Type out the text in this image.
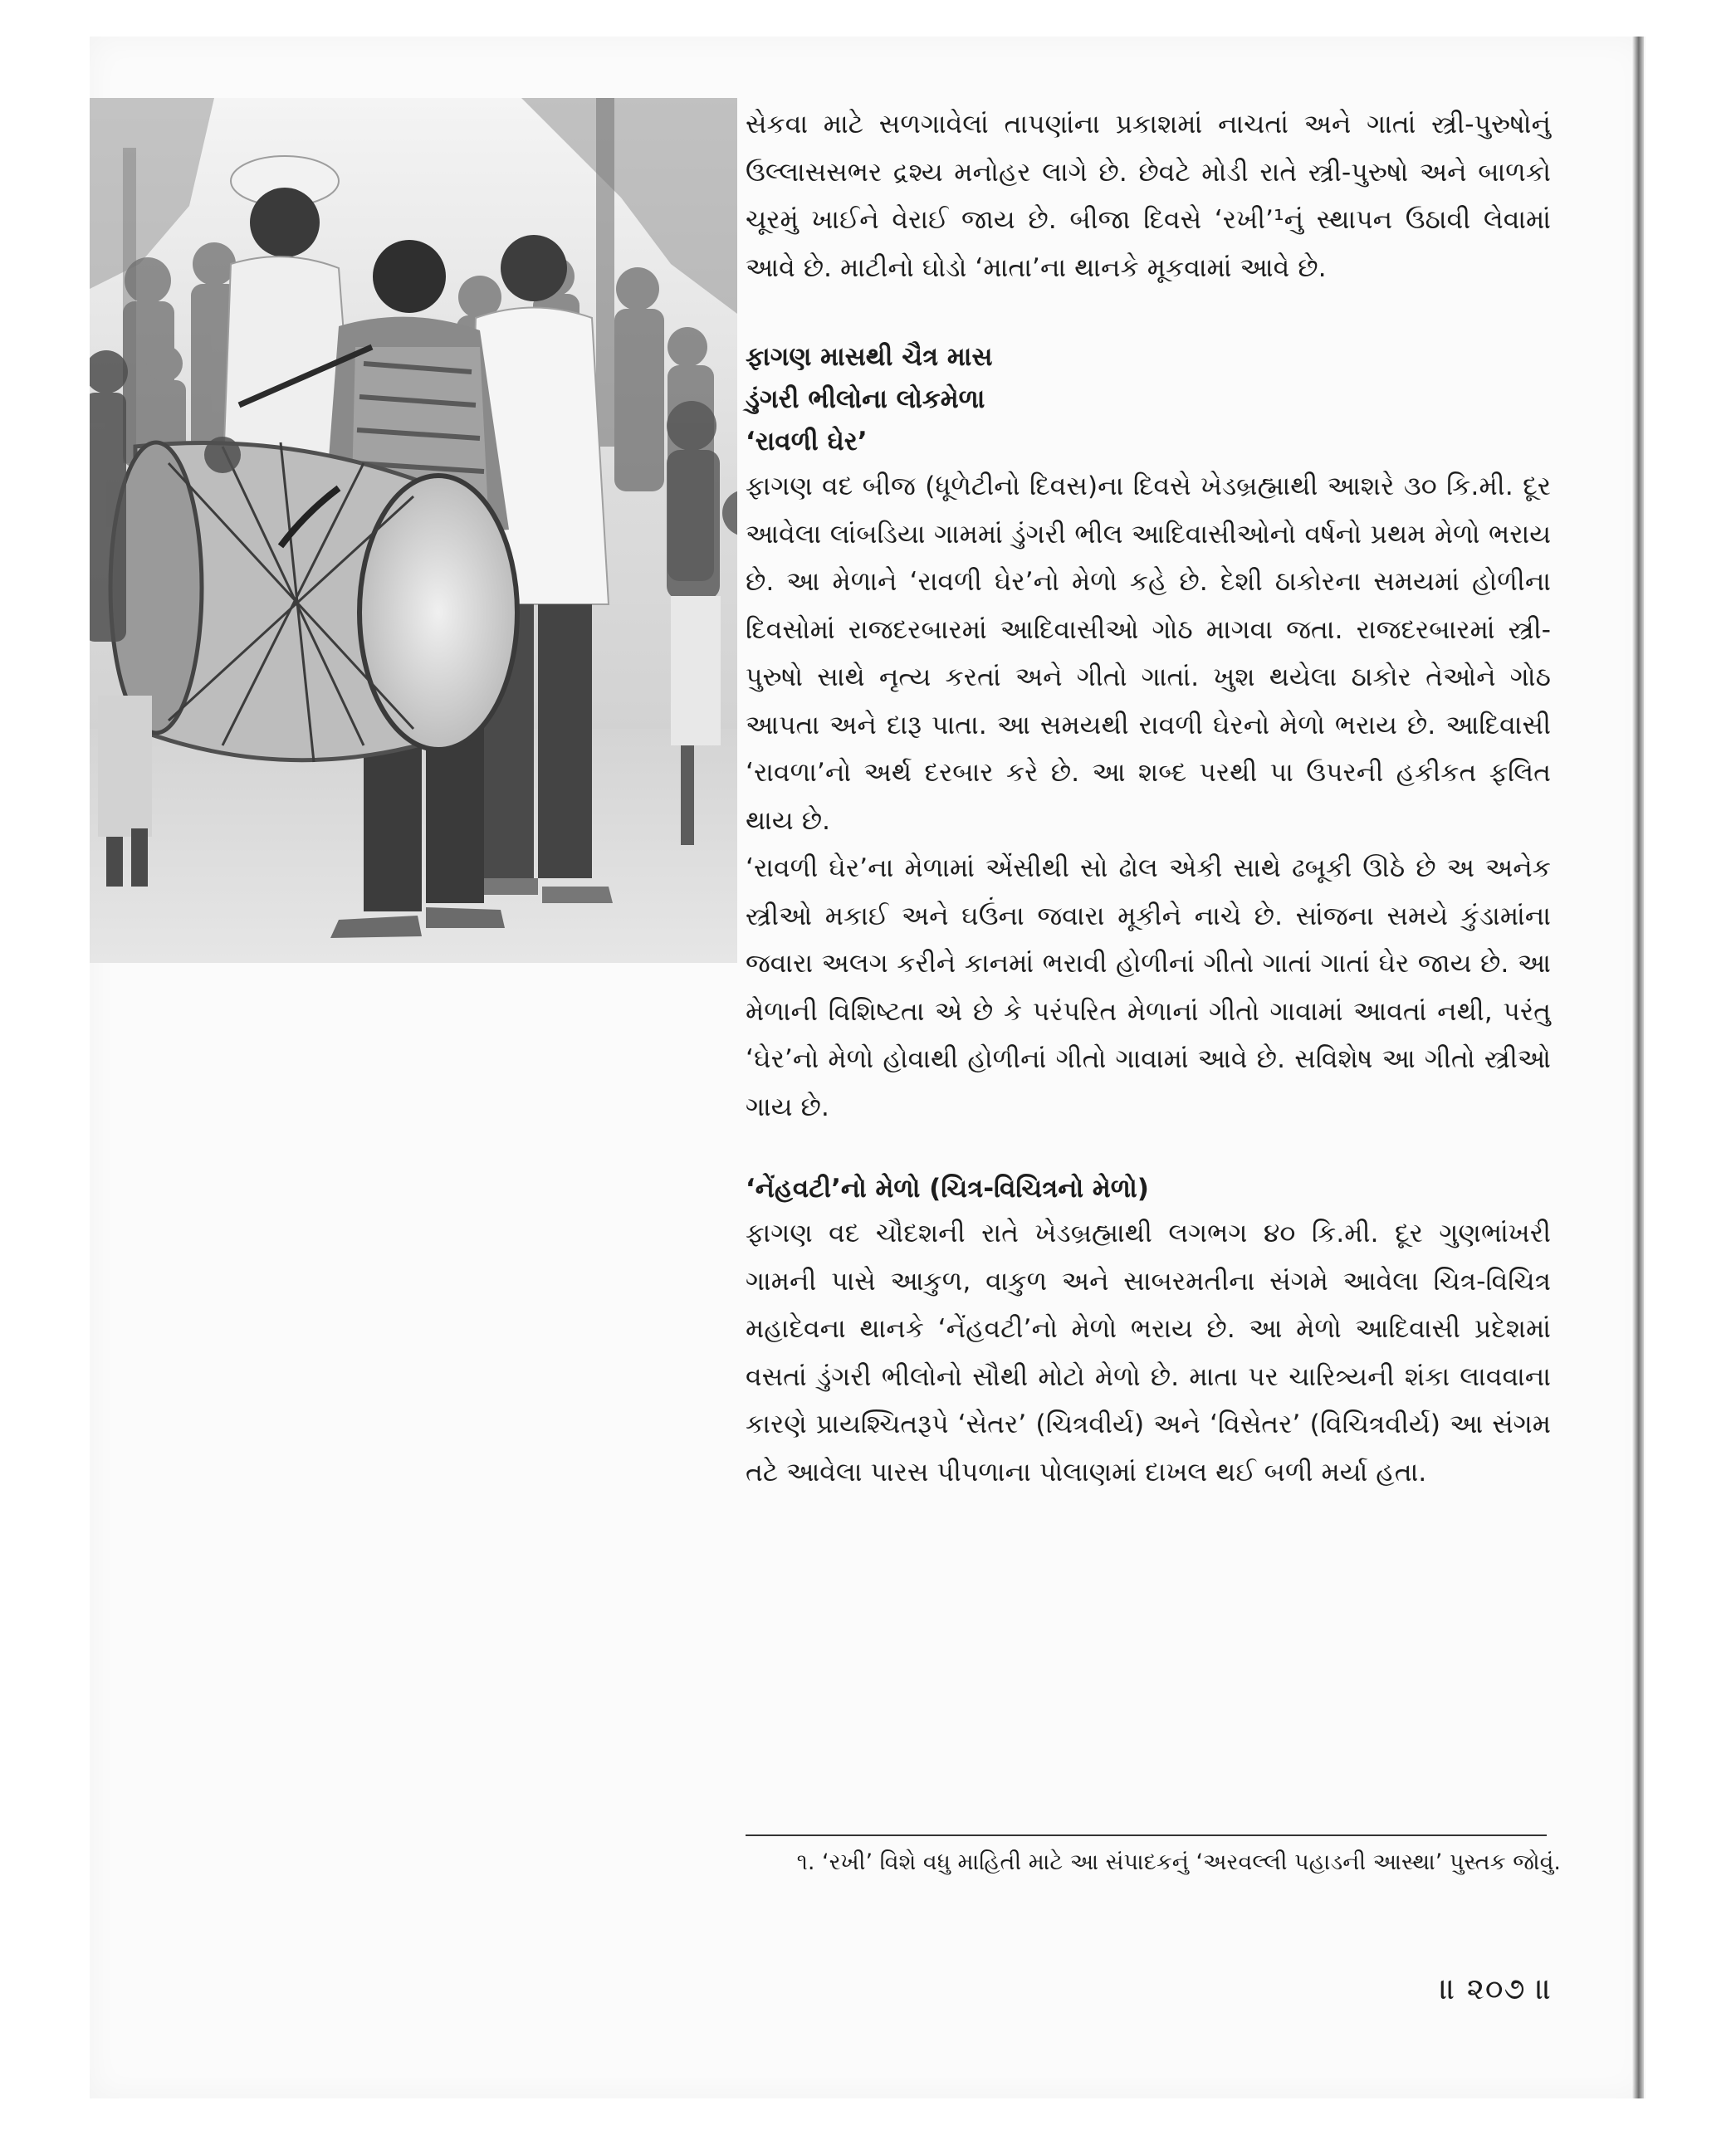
સેકવા માટે સળગાવેલાં તાપણાંના પ્રકાશમાં નાચતાં અને ગાતાં સ્ત્રી-પુરુષોનું ઉલ્લાસસભર દ્રશ્ય મનોહર લાગે છે. છેવટે મોડી રાતે સ્ત્રી-પુરુષો અને બાળકો ચૂરમું ખાઈને વેરાઈ જાય છે. બીજા દિવસે ‘રખી’¹નું સ્થાપન ઉઠાવી લેવામાં આવે છે. માટીનો ઘોડો ‘માતા’ના થાનકે મૂકવામાં આવે છે.

ફાગણ માસથી ચૈત્ર માસ
ડુંગરી ભીલોના લોકમેળા
‘રાવળી ઘેર’

ફાગણ વદ બીજ (ધૂળેટીનો દિવસ)ના દિવસે ખેડબ્રહ્માથી આશરે ૩૦ કિ.મી. દૂર આવેલા લાંબડિયા ગામમાં ડુંગરી ભીલ આદિવાસીઓનો વર્ષનો પ્રથમ મેળો ભરાય છે. આ મેળાને ‘રાવળી ઘેર’નો મેળો કહે છે. દેશી ઠાકોરના સમયમાં હોળીના દિવસોમાં રાજદરબારમાં આદિવાસીઓ ગોઠ માગવા જતા. રાજદરબારમાં સ્ત્રી-પુરુષો સાથે નૃત્ય કરતાં અને ગીતો ગાતાં. ખુશ થયેલા ઠાકોર તેઓને ગોઠ આપતા અને દારૂ પાતા. આ સમયથી રાવળી ઘેરનો મેળો ભરાય છે. આદિવાસી ‘રાવળા’નો અર્થ દરબાર કરે છે. આ શબ્દ પરથી પા ઉપરની હકીકત ફલિત થાય છે.

‘રાવળી ઘેર’ના મેળામાં એંસીથી સો ઢોલ એકી સાથે ઢબૂકી ઊઠે છે અ અનેક સ્ત્રીઓ મકાઈ અને ઘઉંના જવારા મૂકીને નાચે છે. સાંજના સમયે કુંડામાંના જવારા અલગ કરીને કાનમાં ભરાવી હોળીનાં ગીતો ગાતાં ગાતાં ઘેર જાય છે. આ મેળાની વિશિષ્ટતા એ છે કે પરંપરિત મેળાનાં ગીતો ગાવામાં આવતાં નથી, પરંતુ ‘ઘેર’નો મેળો હોવાથી હોળીનાં ગીતો ગાવામાં આવે છે. સવિશેષ આ ગીતો સ્ત્રીઓ ગાય છે.

‘નેંહવટી’નો મેળો (ચિત્ર-વિચિત્રનો મેળો)

ફાગણ વદ ચૌદશની રાતે ખેડબ્રહ્માથી લગભગ ૪૦ કિ.મી. દૂર ગુણભાંખરી ગામની પાસે આકુળ, વાકુળ અને સાબરમતીના સંગમે આવેલા ચિત્ર-વિચિત્ર મહાદેવના થાનકે ‘નેંહવટી’નો મેળો ભરાય છે. આ મેળો આદિવાસી પ્રદેશમાં વસતાં ડુંગરી ભીલોનો સૌથી મોટો મેળો છે. માતા પર ચારિત્ર્યની શંકા લાવવાના કારણે પ્રાયશ્ચિતરૂપે ‘સેતર’ (ચિત્રવીર્ય) અને ‘વિસેતર’ (વિચિત્રવીર્ય) આ સંગમ તટે આવેલા પારસ પીપળાના પોલાણમાં દાખલ થઈ બળી મર્યા હતા.

૧. ‘રખી’ વિશે વધુ માહિતી માટે આ સંપાદકનું ‘અરવલ્લી પહાડની આસ્થા’ પુસ્તક જોવું.
॥ ૨૦૭ ॥
